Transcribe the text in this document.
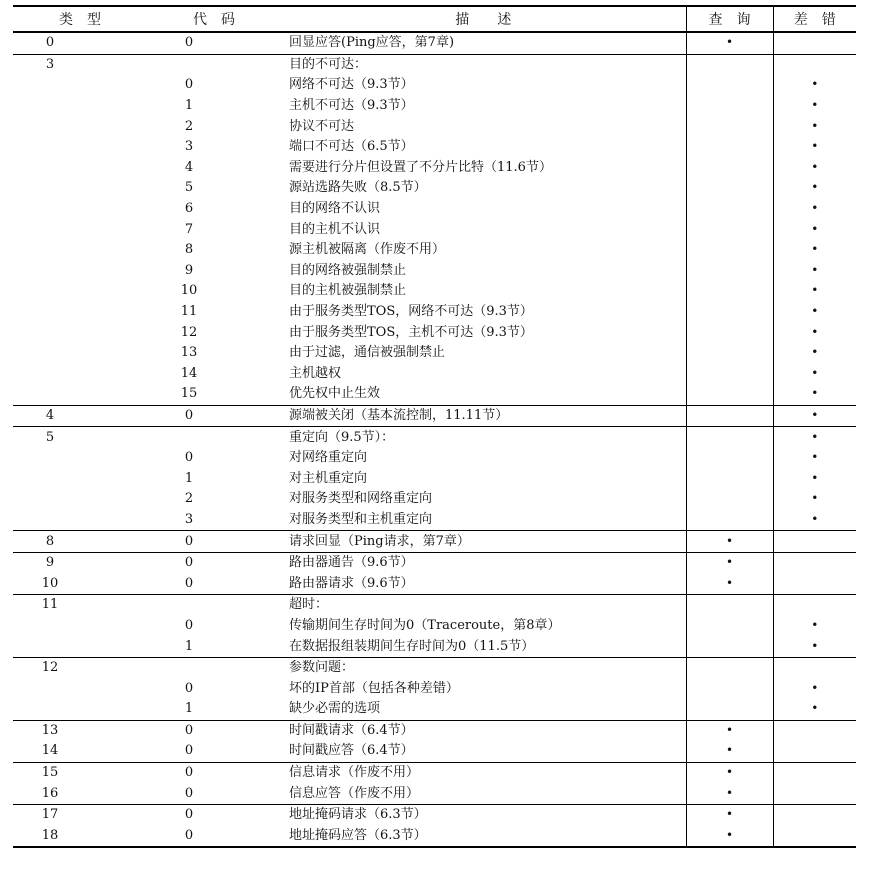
类　型	代　码	描　　述	查　询	差　错
0	0	回显应答(Ping应答，第7章)	•	
3		目的不可达：		
	0	网络不可达（9.3节）		•
	1	主机不可达（9.3节）		•
	2	协议不可达		•
	3	端口不可达（6.5节）		•
	4	需要进行分片但设置了不分片比特（11.6节）		•
	5	源站选路失败（8.5节）		•
	6	目的网络不认识		•
	7	目的主机不认识		•
	8	源主机被隔离（作废不用）		•
	9	目的网络被强制禁止		•
	10	目的主机被强制禁止		•
	11	由于服务类型TOS，网络不可达（9.3节）		•
	12	由于服务类型TOS，主机不可达（9.3节）		•
	13	由于过滤，通信被强制禁止		•
	14	主机越权		•
	15	优先权中止生效		•
4	0	源端被关闭（基本流控制，11.11节）		•
5		重定向（9.5节）：		•
	0	对网络重定向		•
	1	对主机重定向		•
	2	对服务类型和网络重定向		•
	3	对服务类型和主机重定向		•
8	0	请求回显（Ping请求，第7章）	•	
9	0	路由器通告（9.6节）	•	
10	0	路由器请求（9.6节）	•	
11		超时：		
	0	传输期间生存时间为0（Traceroute，第8章）		•
	1	在数据报组装期间生存时间为0（11.5节）		•
12		参数问题：		
	0	坏的IP首部（包括各种差错）		•
	1	缺少必需的选项		•
13	0	时间戳请求（6.4节）	•	
14	0	时间戳应答（6.4节）	•	
15	0	信息请求（作废不用）	•	
16	0	信息应答（作废不用）	•	
17	0	地址掩码请求（6.3节）	•	
18	0	地址掩码应答（6.3节）	•	
